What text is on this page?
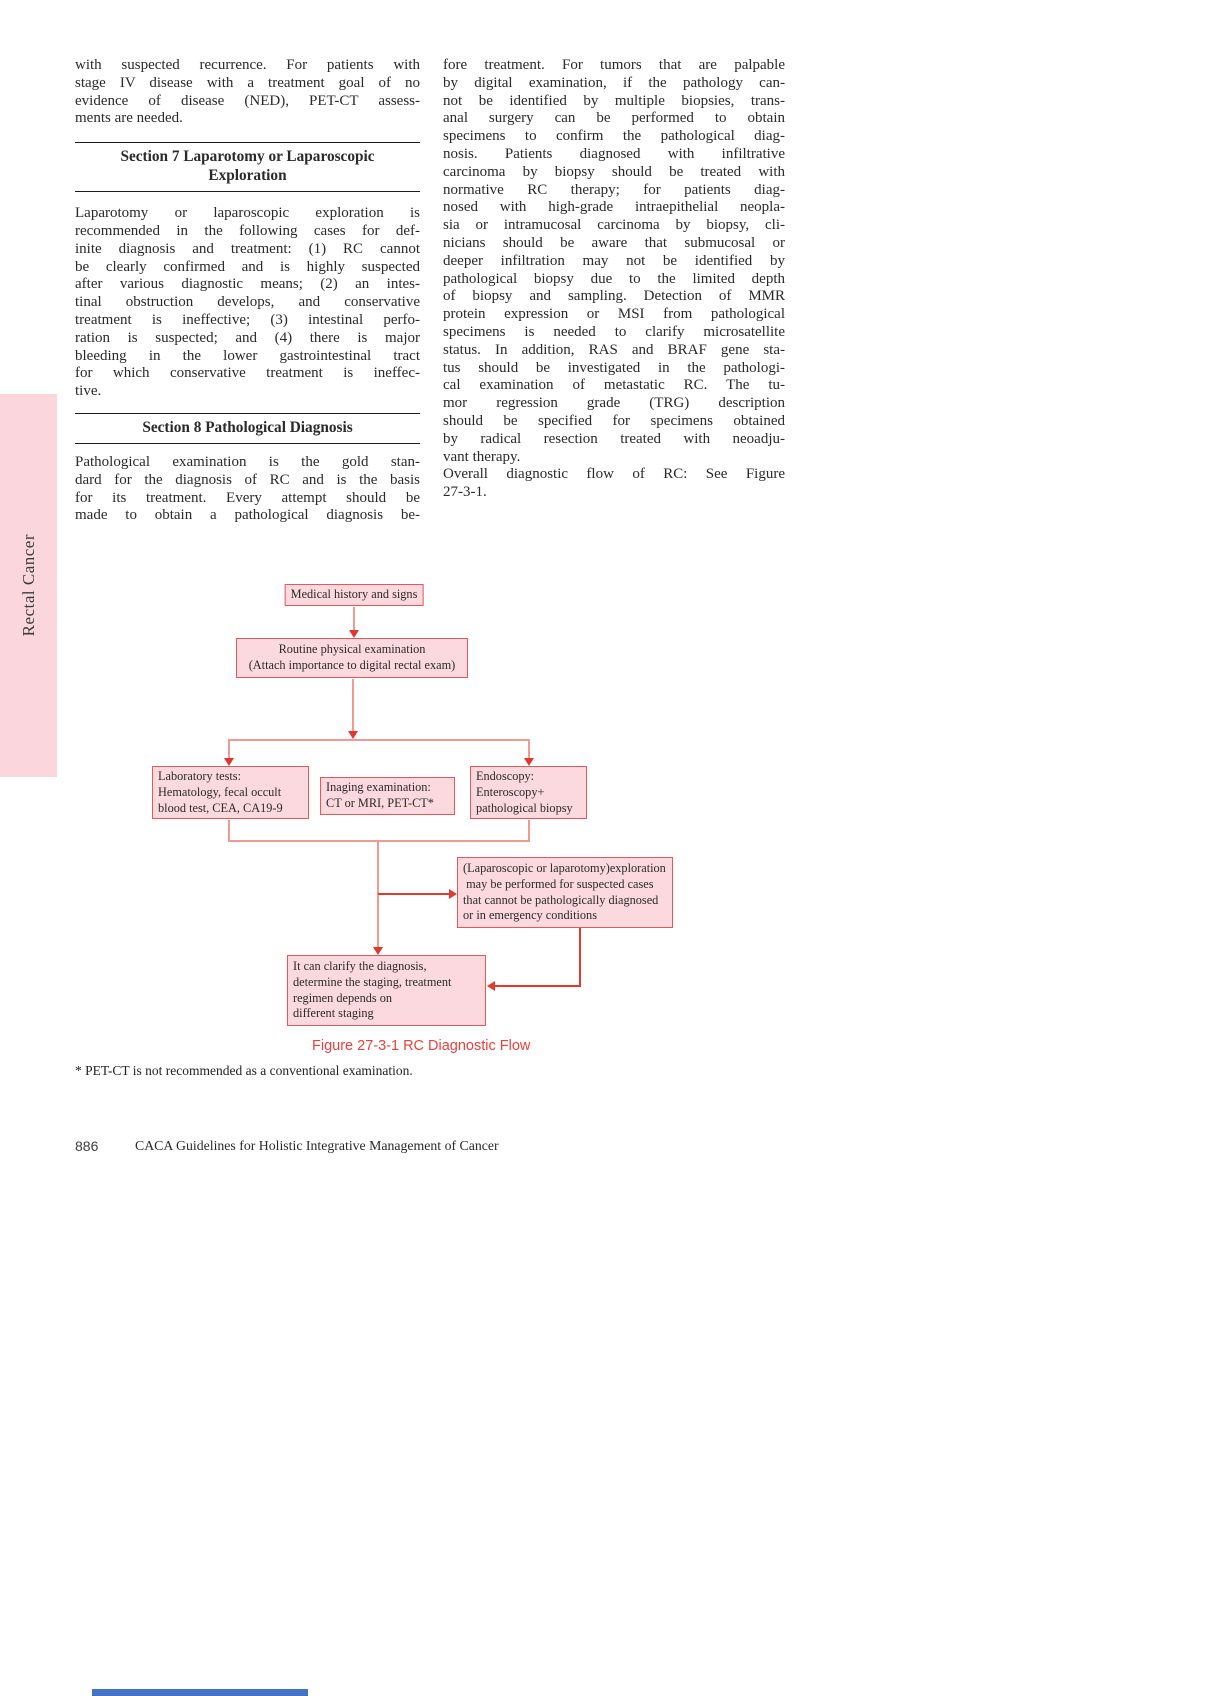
Rectal Cancer
with suspected recurrence. For patients with
stage IV disease with a treatment goal of no
evidence of disease (NED), PET-CT assess-
ments are needed.
Section 7 Laparotomy or Laparoscopic
Exploration
Laparotomy or laparoscopic exploration is
recommended in the following cases for def-
inite diagnosis and treatment: (1) RC cannot
be clearly confirmed and is highly suspected
after various diagnostic means; (2) an intes-
tinal obstruction develops, and conservative
treatment is ineffective; (3) intestinal perfo-
ration is suspected; and (4) there is major
bleeding in the lower gastrointestinal tract
for which conservative treatment is ineffec-
tive.
Section 8 Pathological Diagnosis
Pathological examination is the gold stan-
dard for the diagnosis of RC and is the basis
for its treatment. Every attempt should be
made to obtain a pathological diagnosis be-
fore treatment. For tumors that are palpable
by digital examination, if the pathology can-
not be identified by multiple biopsies, trans-
anal surgery can be performed to obtain
specimens to confirm the pathological diag-
nosis. Patients diagnosed with infiltrative
carcinoma by biopsy should be treated with
normative RC therapy; for patients diag-
nosed with high-grade intraepithelial neopla-
sia or intramucosal carcinoma by biopsy, cli-
nicians should be aware that submucosal or
deeper infiltration may not be identified by
pathological biopsy due to the limited depth
of biopsy and sampling. Detection of MMR
protein expression or MSI from pathological
specimens is needed to clarify microsatellite
status. In addition, RAS and BRAF gene sta-
tus should be investigated in the pathologi-
cal examination of metastatic RC. The tu-
mor regression grade (TRG) description
should be specified for specimens obtained
by radical resection treated with neoadju-
vant therapy.
Overall diagnostic flow of RC: See Figure
27-3-1.
Medical history and signs
Routine physical examination
(Attach importance to digital rectal exam)
Laboratory tests:
Hematology, fecal occult
blood test, CEA, CA19-9
Inaging examination:
CT or MRI, PET-CT*
Endoscopy:
Enteroscopy+
pathological biopsy
(Laparoscopic or laparotomy)exploration
may be performed for suspected cases
that cannot be pathologically diagnosed
or in emergency conditions
It can clarify the diagnosis,
determine the staging, treatment
regimen depends on
different staging
Figure 27-3-1 RC Diagnostic Flow
* PET-CT is not recommended as a conventional examination.
886	CACA Guidelines for Holistic Integrative Management of Cancer
